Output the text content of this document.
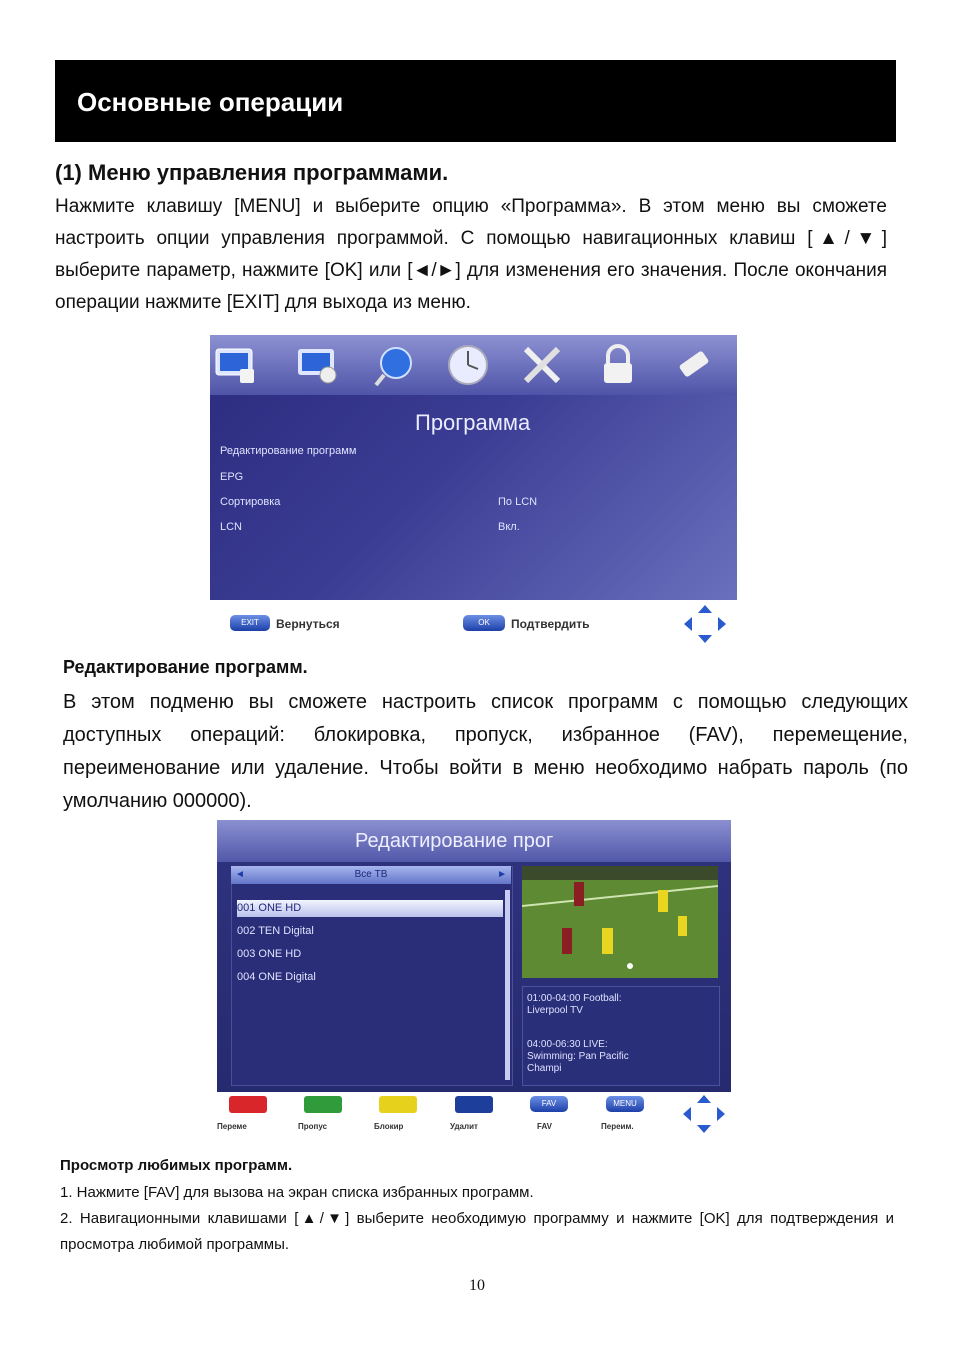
Основные операции
(1) Меню управления программами.
Нажмите клавишу [MENU] и выберите опцию «Программа». В этом меню вы сможете настроить опции управления программой. С помощью навигационных клавиш [▲/▼] выберите параметр, нажмите [OK] или [◄/►] для изменения его значения. После окончания операции нажмите [EXIT] для выхода из меню.
Программа
Редактирование программ
EPG
Сортировка	По LCN
LCN	Вкл.
EXIT	Вернуться	OK	Подтвердить
Редактирование программ.
В этом подменю вы сможете настроить список программ с помощью следующих доступных операций: блокировка, пропуск, избранное (FAV), перемещение, переименование или удаление. Чтобы войти в меню необходимо набрать пароль (по умолчанию 000000).
Редактирование прог
◄	Все ТВ	►
001 ONE HD
002 TEN Digital
003 ONE HD
004 ONE Digital
01:00-04:00 Football:
Liverpool TV
04:00-06:30 LIVE:
Swimming: Pan Pacific
Champi
Переме	Пропус	Блокир	Удалит
FAV
FAV
MENU
Переим.
Просмотр любимых программ.
1. Нажмите [FAV] для вызова на экран списка избранных программ.
2. Навигационными клавишами [▲/▼] выберите необходимую программу и нажмите [OK] для подтверждения и просмотра любимой программы.
10
